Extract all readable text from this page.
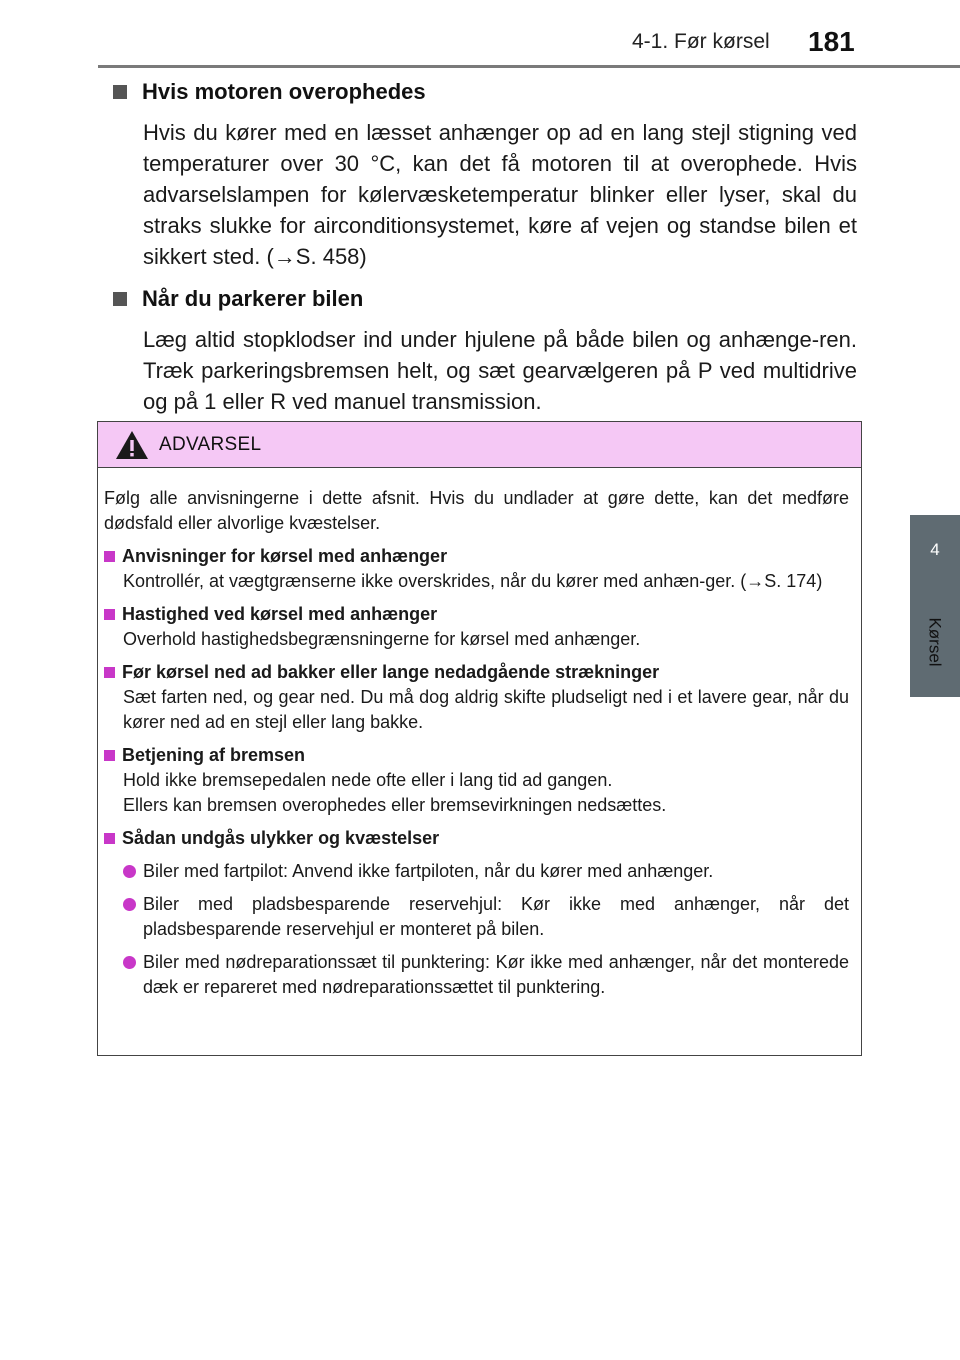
4-1. Før kørsel 181
4
Kørsel
Hvis motoren overophedes
Hvis du kører med en læsset anhænger op ad en lang stejl stigning ved temperaturer over 30 °C, kan det få motoren til at overophede. Hvis advarselslampen for kølervæsketemperatur blinker eller lyser, skal du straks slukke for airconditionsystemet, køre af vejen og standse bilen et sikkert sted. (→S. 458)
Når du parkerer bilen
Læg altid stopklodser ind under hjulene på både bilen og anhænge-ren. Træk parkeringsbremsen helt, og sæt gearvælgeren på P ved multidrive og på 1 eller R ved manuel transmission.
ADVARSEL
Følg alle anvisningerne i dette afsnit. Hvis du undlader at gøre dette, kan det medføre dødsfald eller alvorlige kvæstelser.
Anvisninger for kørsel med anhænger
Kontrollér, at vægtgrænserne ikke overskrides, når du kører med anhæn-ger. (→S. 174)
Hastighed ved kørsel med anhænger
Overhold hastighedsbegrænsningerne for kørsel med anhænger.
Før kørsel ned ad bakker eller lange nedadgående strækninger
Sæt farten ned, og gear ned. Du må dog aldrig skifte pludseligt ned i et lavere gear, når du kører ned ad en stejl eller lang bakke.
Betjening af bremsen
Hold ikke bremsepedalen nede ofte eller i lang tid ad gangen.
Ellers kan bremsen overophedes eller bremsevirkningen nedsættes.
Sådan undgås ulykker og kvæstelser
Biler med fartpilot: Anvend ikke fartpiloten, når du kører med anhænger.
Biler med pladsbesparende reservehjul: Kør ikke med anhænger, når det pladsbesparende reservehjul er monteret på bilen.
Biler med nødreparationssæt til punktering: Kør ikke med anhænger, når det monterede dæk er repareret med nødreparationssættet til punktering.
